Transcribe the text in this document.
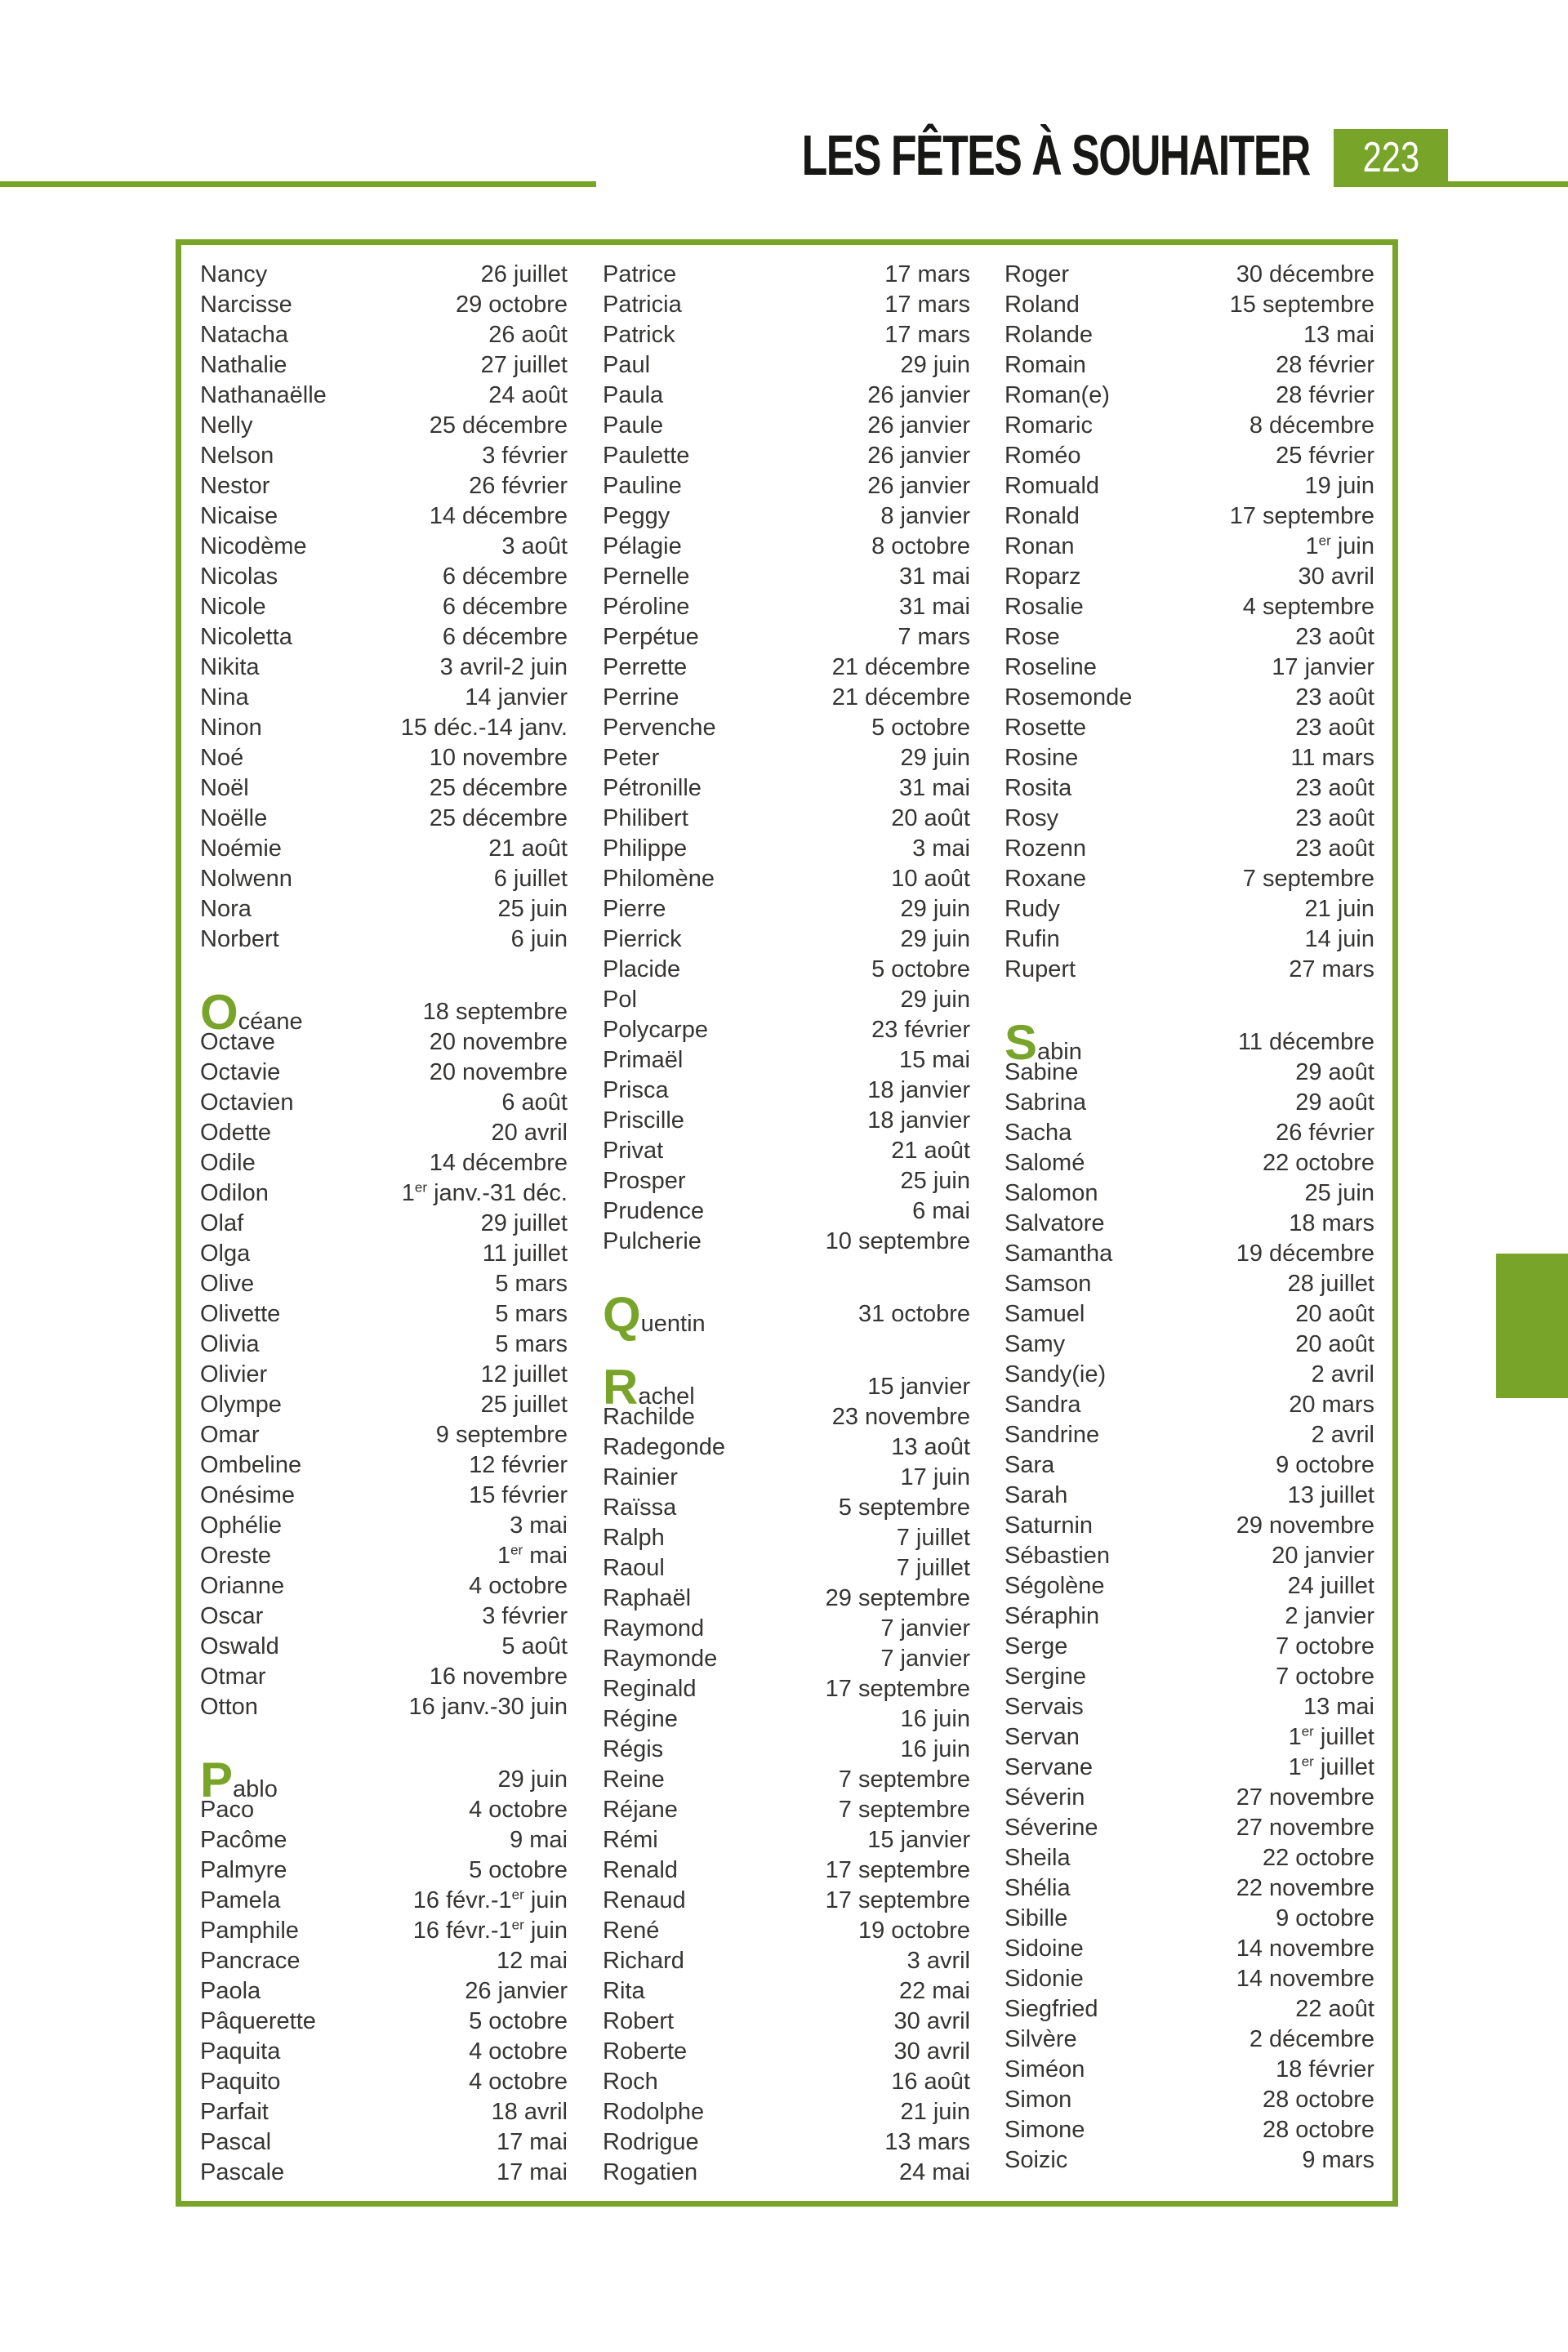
LES FÊTES À SOUHAITER	223
26 juillet
Nancy
29 octobre
Narcisse
26 août
Natacha
27 juillet
Nathalie
24 août
Nathanaëlle
25 décembre
Nelly
3 février
Nelson
26 février
Nestor
14 décembre
Nicaise
3 août
Nicodème
6 décembre
Nicolas
6 décembre
Nicole
6 décembre
Nicoletta
3 avril-2 juin
Nikita
14 janvier
Nina
15 déc.-14 janv.
Ninon
10 novembre
Noé
25 décembre
Noël
25 décembre
Noëlle
21 août
Noémie
6 juillet
Nolwenn
25 juin
Nora
6 juin
Norbert
18 septembre
Océane
20 novembre
Octave
20 novembre
Octavie
6 août
Octavien
20 avril
Odette
14 décembre
Odile
1er janv.-31 déc.
Odilon
29 juillet
Olaf
11 juillet
Olga
5 mars
Olive
5 mars
Olivette
5 mars
Olivia
12 juillet
Olivier
25 juillet
Olympe
9 septembre
Omar
12 février
Ombeline
15 février
Onésime
3 mai
Ophélie
1er mai
Oreste
4 octobre
Orianne
3 février
Oscar
5 août
Oswald
16 novembre
Otmar
16 janv.-30 juin
Otton
29 juin
Pablo
4 octobre
Paco
9 mai
Pacôme
5 octobre
Palmyre
16 févr.-1er juin
Pamela
16 févr.-1er juin
Pamphile
12 mai
Pancrace
26 janvier
Paola
5 octobre
Pâquerette
4 octobre
Paquita
4 octobre
Paquito
18 avril
Parfait
17 mai
Pascal
17 mai
Pascale
17 mars
Patrice
17 mars
Patricia
17 mars
Patrick
29 juin
Paul
26 janvier
Paula
26 janvier
Paule
26 janvier
Paulette
26 janvier
Pauline
8 janvier
Peggy
8 octobre
Pélagie
31 mai
Pernelle
31 mai
Péroline
7 mars
Perpétue
21 décembre
Perrette
21 décembre
Perrine
5 octobre
Pervenche
29 juin
Peter
31 mai
Pétronille
20 août
Philibert
3 mai
Philippe
10 août
Philomène
29 juin
Pierre
29 juin
Pierrick
5 octobre
Placide
29 juin
Pol
23 février
Polycarpe
15 mai
Primaël
18 janvier
Prisca
18 janvier
Priscille
21 août
Privat
25 juin
Prosper
6 mai
Prudence
10 septembre
Pulcherie
31 octobre
Quentin
15 janvier
Rachel
23 novembre
Rachilde
13 août
Radegonde
17 juin
Rainier
5 septembre
Raïssa
7 juillet
Ralph
7 juillet
Raoul
29 septembre
Raphaël
7 janvier
Raymond
7 janvier
Raymonde
17 septembre
Reginald
16 juin
Régine
16 juin
Régis
7 septembre
Reine
7 septembre
Réjane
15 janvier
Rémi
17 septembre
Renald
17 septembre
Renaud
19 octobre
René
3 avril
Richard
22 mai
Rita
30 avril
Robert
30 avril
Roberte
16 août
Roch
21 juin
Rodolphe
13 mars
Rodrigue
24 mai
Rogatien
30 décembre
Roger
15 septembre
Roland
13 mai
Rolande
28 février
Romain
28 février
Roman(e)
8 décembre
Romaric
25 février
Roméo
19 juin
Romuald
17 septembre
Ronald
1er juin
Ronan
30 avril
Roparz
4 septembre
Rosalie
23 août
Rose
17 janvier
Roseline
23 août
Rosemonde
23 août
Rosette
11 mars
Rosine
23 août
Rosita
23 août
Rosy
23 août
Rozenn
7 septembre
Roxane
21 juin
Rudy
14 juin
Rufin
27 mars
Rupert
11 décembre
Sabin
29 août
Sabine
29 août
Sabrina
26 février
Sacha
22 octobre
Salomé
25 juin
Salomon
18 mars
Salvatore
19 décembre
Samantha
28 juillet
Samson
20 août
Samuel
20 août
Samy
2 avril
Sandy(ie)
20 mars
Sandra
2 avril
Sandrine
9 octobre
Sara
13 juillet
Sarah
29 novembre
Saturnin
20 janvier
Sébastien
24 juillet
Ségolène
2 janvier
Séraphin
7 octobre
Serge
7 octobre
Sergine
13 mai
Servais
1er juillet
Servan
1er juillet
Servane
27 novembre
Séverin
27 novembre
Séverine
22 octobre
Sheila
22 novembre
Shélia
9 octobre
Sibille
14 novembre
Sidoine
14 novembre
Sidonie
22 août
Siegfried
2 décembre
Silvère
18 février
Siméon
28 octobre
Simon
28 octobre
Simone
9 mars
Soizic
